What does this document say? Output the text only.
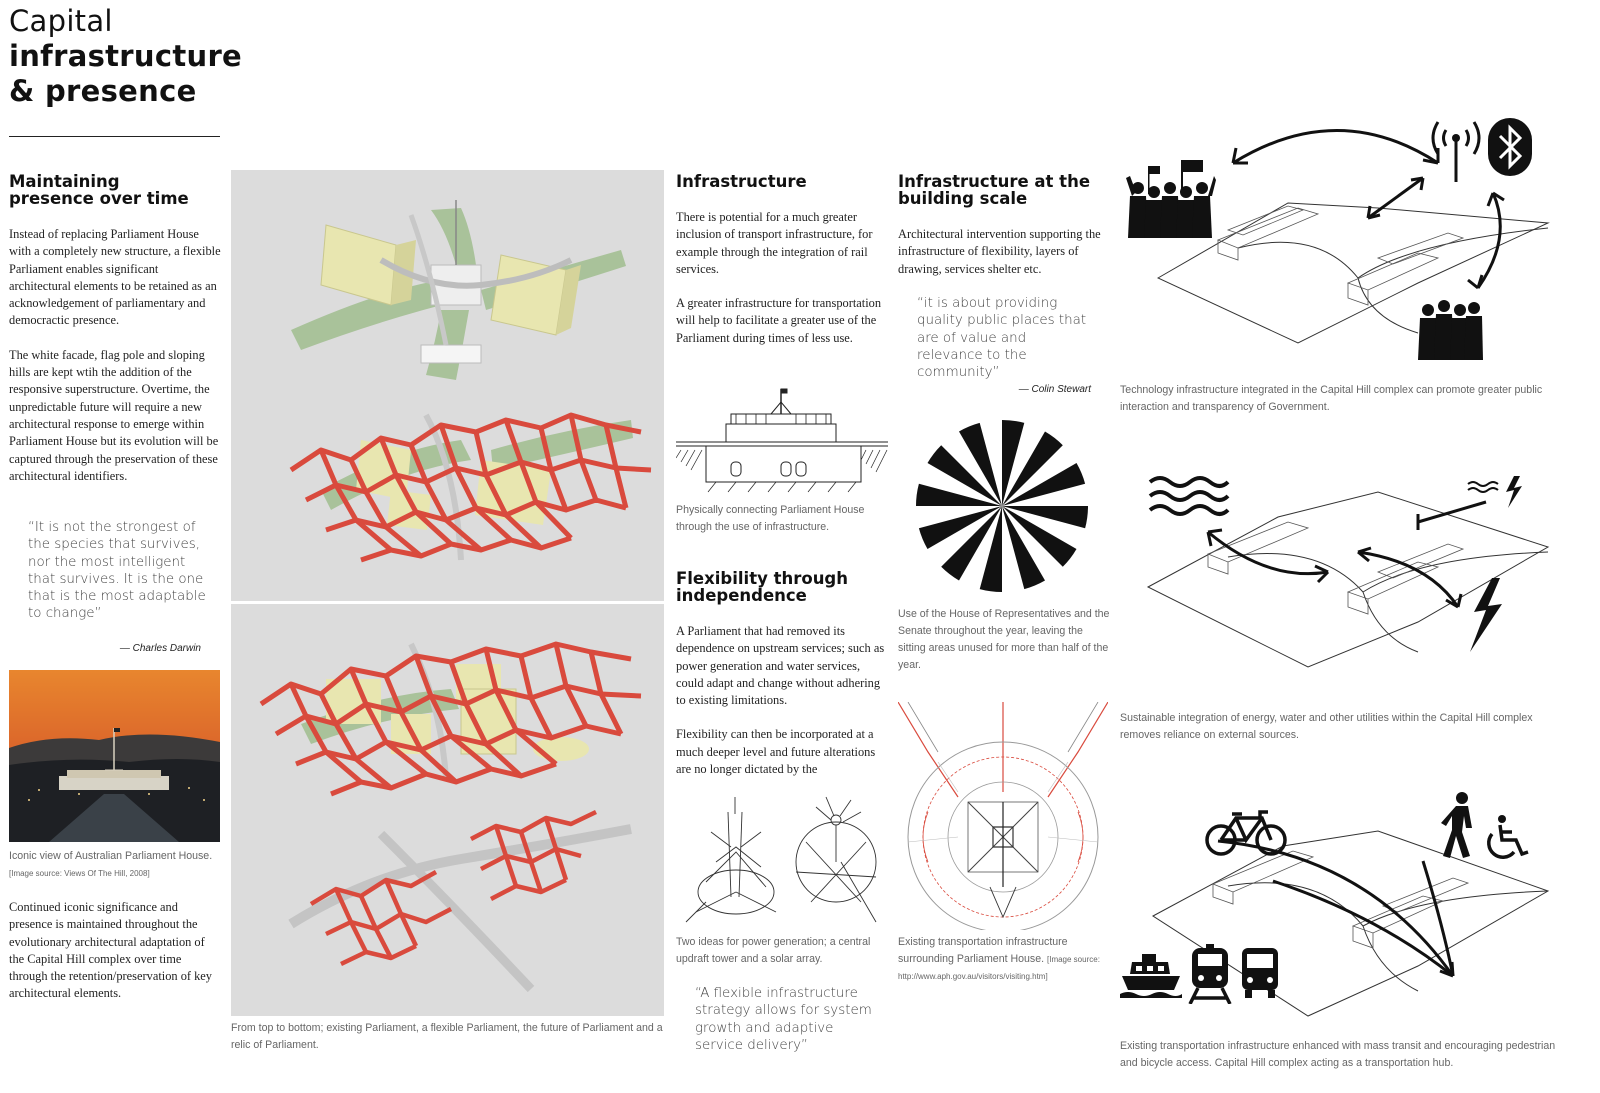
Capital
infrastructure
& presence
Maintaining presence over time

Instead of replacing Parliament House with a completely new structure, a flexible Parliament enables significant architectural elements to be retained as an acknowledgement of parliamentary and democractic presence.

The white facade, flag pole and sloping hills are kept wtih the addition of the responsive superstructure. Overtime, the unpredictable future will require a new architectural response to emerge within Parliament House but its evolution will be captured through the preservation of these architectural identifiers.

“It is not the strongest of the species that survives, nor the most intelligent that survives. It is the one that is the most adaptable to change”
— Charles Darwin
Iconic view of Australian Parliament House. [Image source: Views Of The Hill, 2008]
Continued iconic significance and presence is maintained throughout the evolutionary architectural adaptation of the Capital Hill complex over time through the retention/preservation of key architectural elements.
From top to bottom; existing Parliament, a flexible Parliament, the future of Parliament and a relic of Parliament.
Infrastructure

There is potential for a much greater inclusion of transport infrastructure, for example through the integration of rail services.

A greater infrastructure for transportation will help to facilitate a greater use of the Parliament during times of less use.

Physically connecting Parliament House through the use of infrastructure.
Flexibility through independence

A Parliament that had removed its dependence on upstream services; such as power generation and water services, could adapt and change without adhering to existing limitations.

Flexibility can then be incorporated at a much deeper level and future alterations are no longer dictated by the

Two ideas for power generation; a central updraft tower and a solar array.
“A flexible infrastructure strategy allows for system growth and adaptive service delivery”
Infrastructure at the building scale
Architectural intervention supporting the infrastructure of flexibility, layers of drawing, services shelter etc.
“it is about providing quality public places that are of value and relevance to the community”
— Colin Stewart
Use of the House of Representatives and the Senate throughout the year, leaving the sitting areas unused for more than half of the year.
Existing transportation infrastructure surrounding Parliament House. [Image source:
http://www.aph.gov.au/visitors/visiting.htm]
Technology infrastructure integrated in the Capital Hill complex can promote greater public interaction and transparency of Government.
Sustainable integration of energy, water and other utilities within the Capital Hill complex removes reliance on external sources.
Existing transportation infrastructure enhanced with mass transit and encouraging pedestrian and bicycle access. Capital Hill complex acting as a transportation hub.
